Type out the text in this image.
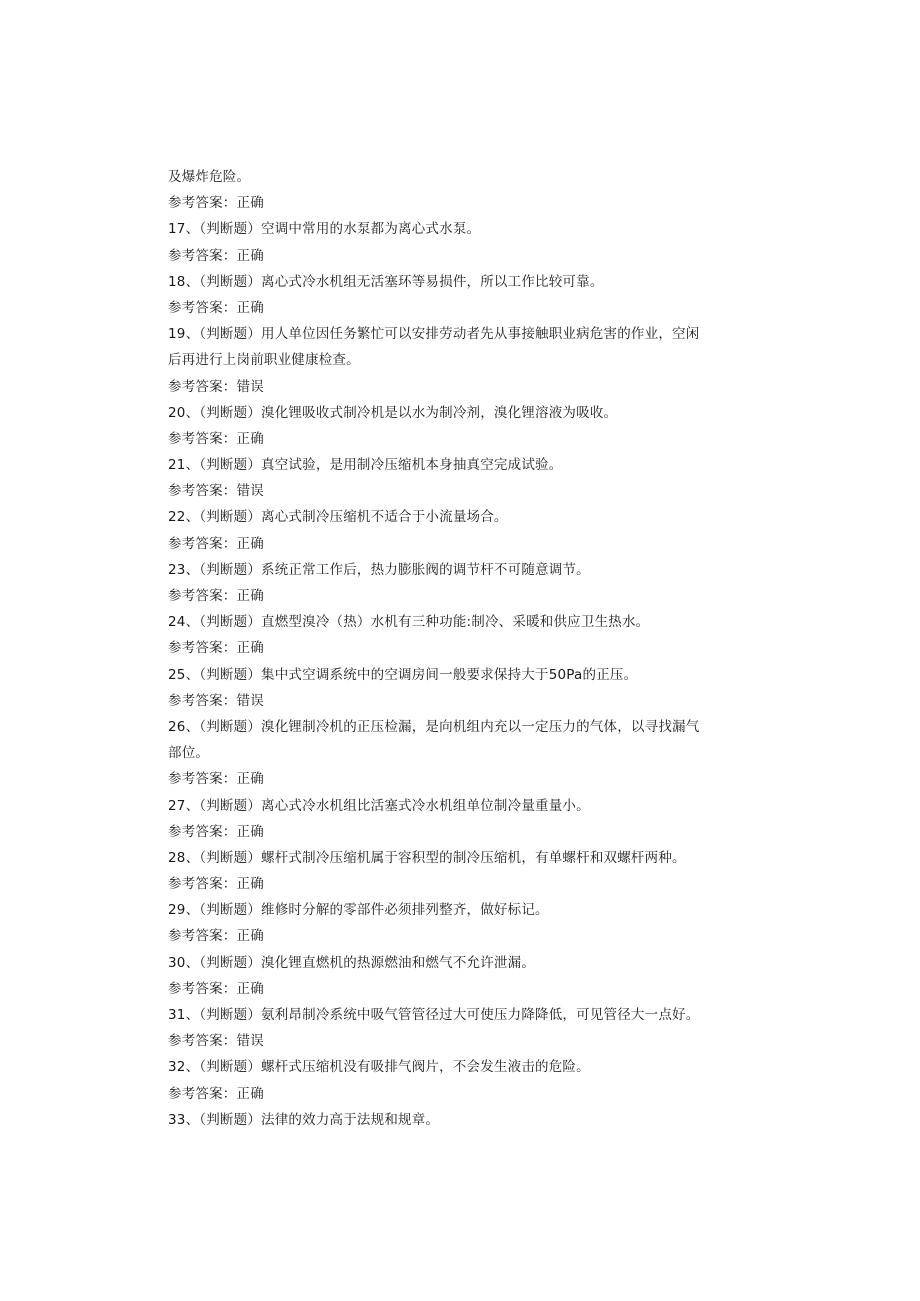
及爆炸危险。
参考答案：正确
17、（判断题）空调中常用的水泵都为离心式水泵。
参考答案：正确
18、（判断题）离心式冷水机组无活塞环等易损件，所以工作比较可靠。
参考答案：正确
19、（判断题）用人单位因任务繁忙可以安排劳动者先从事接触职业病危害的作业，空闲
后再进行上岗前职业健康检查。
参考答案：错误
20、（判断题）溴化锂吸收式制冷机是以水为制冷剂，溴化锂溶液为吸收。
参考答案：正确
21、（判断题）真空试验，是用制冷压缩机本身抽真空完成试验。
参考答案：错误
22、（判断题）离心式制冷压缩机不适合于小流量场合。
参考答案：正确
23、（判断题）系统正常工作后，热力膨胀阀的调节杆不可随意调节。
参考答案：正确
24、（判断题）直燃型溴冷（热）水机有三种功能:制冷、采暖和供应卫生热水。
参考答案：正确
25、（判断题）集中式空调系统中的空调房间一般要求保持大于50Pa的正压。
参考答案：错误
26、（判断题）溴化锂制冷机的正压检漏，是向机组内充以一定压力的气体，以寻找漏气
部位。
参考答案：正确
27、（判断题）离心式冷水机组比活塞式冷水机组单位制冷量重量小。
参考答案：正确
28、（判断题）螺杆式制冷压缩机属于容积型的制冷压缩机，有单螺杆和双螺杆两种。
参考答案：正确
29、（判断题）维修时分解的零部件必须排列整齐，做好标记。
参考答案：正确
30、（判断题）溴化锂直燃机的热源燃油和燃气不允许泄漏。
参考答案：正确
31、（判断题）氨利昂制冷系统中吸气管管径过大可使压力降降低，可见管径大一点好。
参考答案：错误
32、（判断题）螺杆式压缩机没有吸排气阀片，不会发生液击的危险。
参考答案：正确
33、（判断题）法律的效力高于法规和规章。
